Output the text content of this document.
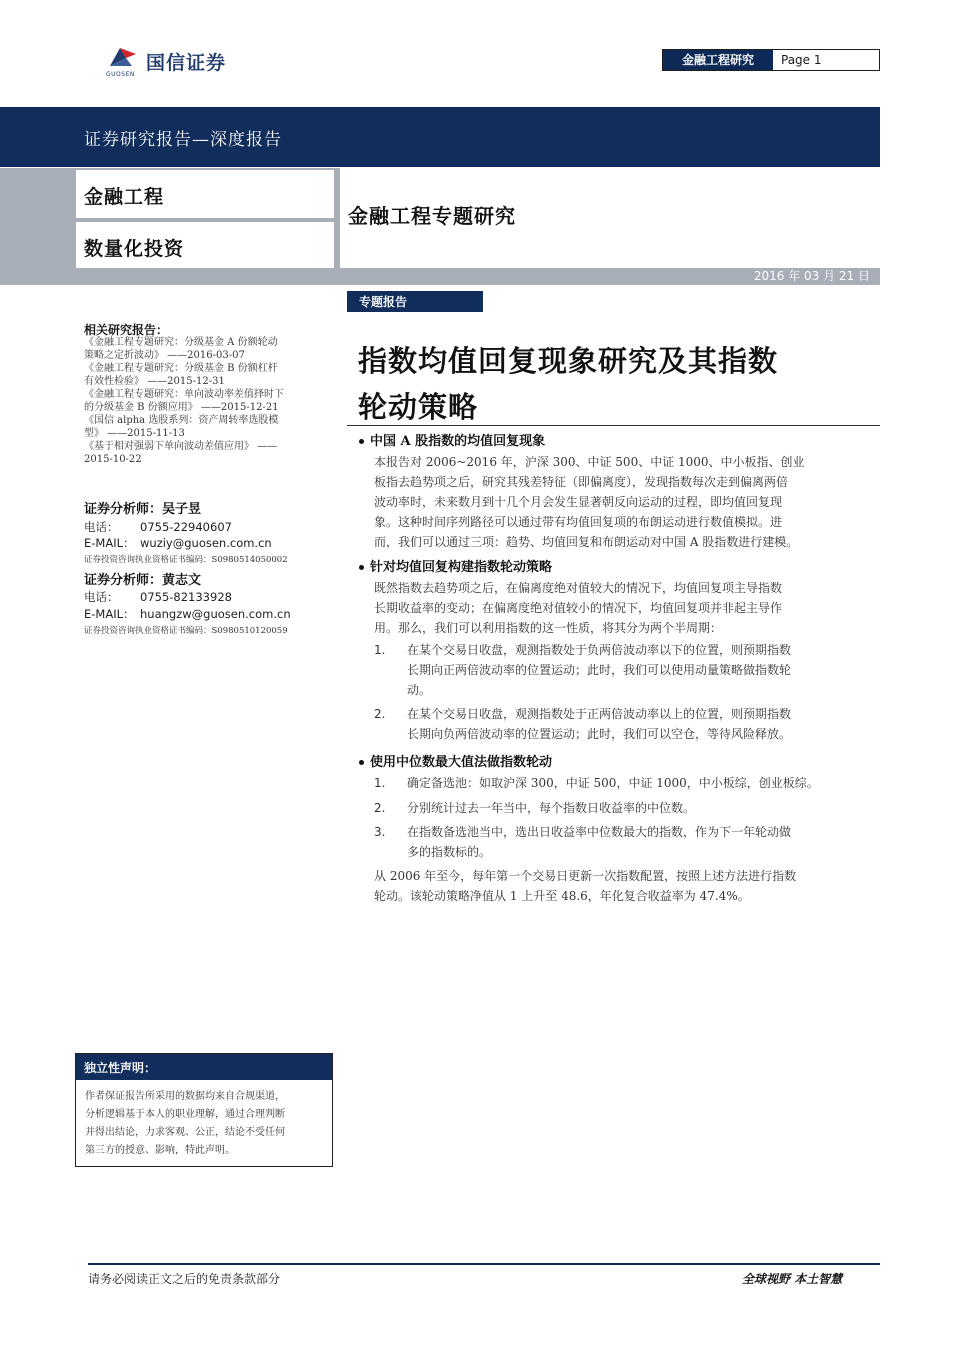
国信证券
GUOSEN
金融工程研究	Page 1
证券研究报告—深度报告
金融工程
数量化投资
金融工程专题研究
2016 年 03 月 21 日
专题报告
指数均值回复现象研究及其指数
轮动策略
中国 A 股指数的均值回复现象
本报告对 2006~2016 年，沪深 300、中证 500、中证 1000、中小板指、创业
板指去趋势项之后，研究其残差特征（即偏离度），发现指数每次走到偏离两倍
波动率时，未来数月到十几个月会发生显著朝反向运动的过程，即均值回复现
象。这种时间序列路径可以通过带有均值回复项的布朗运动进行数值模拟。进
而，我们可以通过三项：趋势、均值回复和布朗运动对中国 A 股指数进行建模。
针对均值回复构建指数轮动策略
既然指数去趋势项之后，在偏离度绝对值较大的情况下，均值回复项主导指数
长期收益率的变动；在偏离度绝对值较小的情况下，均值回复项并非起主导作
用。那么，我们可以利用指数的这一性质，将其分为两个半周期：
1. 在某个交易日收盘，观测指数处于负两倍波动率以下的位置，则预期指数
长期向正两倍波动率的位置运动；此时，我们可以使用动量策略做指数轮
动。
2. 在某个交易日收盘，观测指数处于正两倍波动率以上的位置，则预期指数
长期向负两倍波动率的位置运动；此时，我们可以空仓，等待风险释放。
使用中位数最大值法做指数轮动
1. 确定备选池：如取沪深 300，中证 500，中证 1000，中小板综，创业板综。
2. 分别统计过去一年当中，每个指数日收益率的中位数。
3. 在指数备选池当中，选出日收益率中位数最大的指数，作为下一年轮动做
多的指数标的。
从 2006 年至今，每年第一个交易日更新一次指数配置，按照上述方法进行指数
轮动。该轮动策略净值从 1 上升至 48.6，年化复合收益率为 47.4%。
相关研究报告：
《金融工程专题研究：分级基金 A 份额轮动
策略之定折波动》 ——2016-03-07
《金融工程专题研究：分级基金 B 份额杠杆
有效性检验》 ——2015-12-31
《金融工程专题研究：单向波动率差值择时下
的分级基金 B 份额应用》 ——2015-12-21
《国信 alpha 选股系列：资产周转率选股模
型》 ——2015-11-13
《基于相对强弱下单向波动差值应用》 ——
2015-10-22
证券分析师：吴子昱
电话： 0755-22940607
E-MAIL： wuziy@guosen.com.cn
证券投资咨询执业资格证书编码：S0980514050002
证券分析师：黄志文
电话： 0755-82133928
E-MAIL： huangzw@guosen.com.cn
证券投资咨询执业资格证书编码：S0980510120059
独立性声明：
作者保证报告所采用的数据均来自合规渠道，
分析逻辑基于本人的职业理解，通过合理判断
并得出结论，力求客观、公正，结论不受任何
第三方的授意、影响，特此声明。
请务必阅读正文之后的免责条款部分	全球视野 本土智慧
